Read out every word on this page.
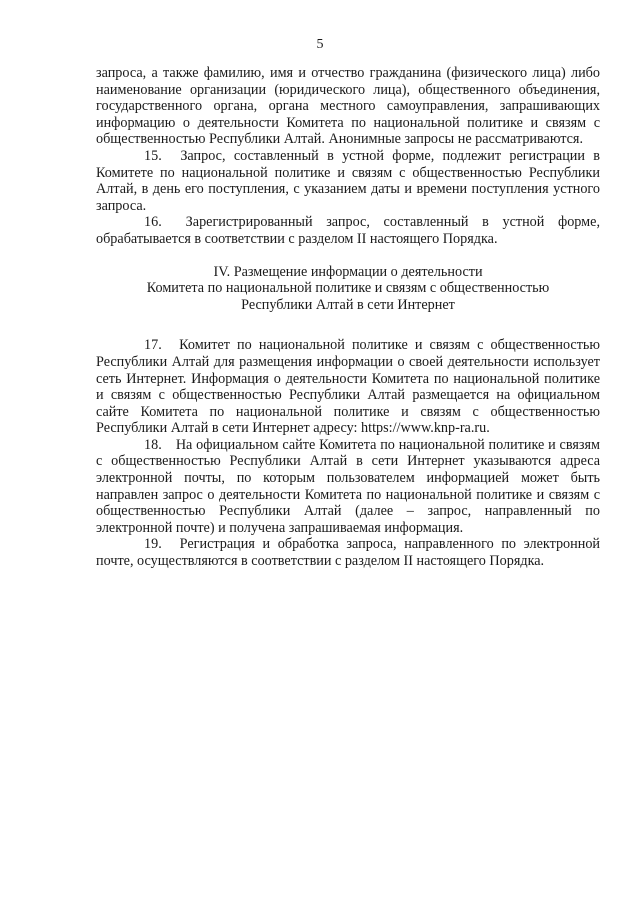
5

запроса, а также фамилию, имя и отчество гражданина (физического лица) либо наименование организации (юридического лица), общественного объединения, государственного органа, органа местного самоуправления, запрашивающих информацию о деятельности Комитета по национальной политике и связям с общественностью Республики Алтай. Анонимные запросы не рассматриваются.

15. Запрос, составленный в устной форме, подлежит регистрации в Комитете по национальной политике и связям с общественностью Республики Алтай, в день его поступления, с указанием даты и времени поступления устного запроса.

16. Зарегистрированный запрос, составленный в устной форме, обрабатывается в соответствии с разделом II настоящего Порядка.

IV. Размещение информации о деятельности
Комитета по национальной политике и связям с общественностью
Республики Алтай в сети Интернет

17. Комитет по национальной политике и связям с общественностью Республики Алтай для размещения информации о своей деятельности использует сеть Интернет. Информация о деятельности Комитета по национальной политике и связям с общественностью Республики Алтай размещается на официальном сайте Комитета по национальной политике и связям с общественностью Республики Алтай в сети Интернет адресу: https://www.knp-ra.ru.

18. На официальном сайте Комитета по национальной политике и связям с общественностью Республики Алтай в сети Интернет указываются адреса электронной почты, по которым пользователем информацией может быть направлен запрос о деятельности Комитета по национальной политике и связям с общественностью Республики Алтай (далее – запрос, направленный по электронной почте) и получена запрашиваемая информация.

19. Регистрация и обработка запроса, направленного по электронной почте, осуществляются в соответствии с разделом II настоящего Порядка.
